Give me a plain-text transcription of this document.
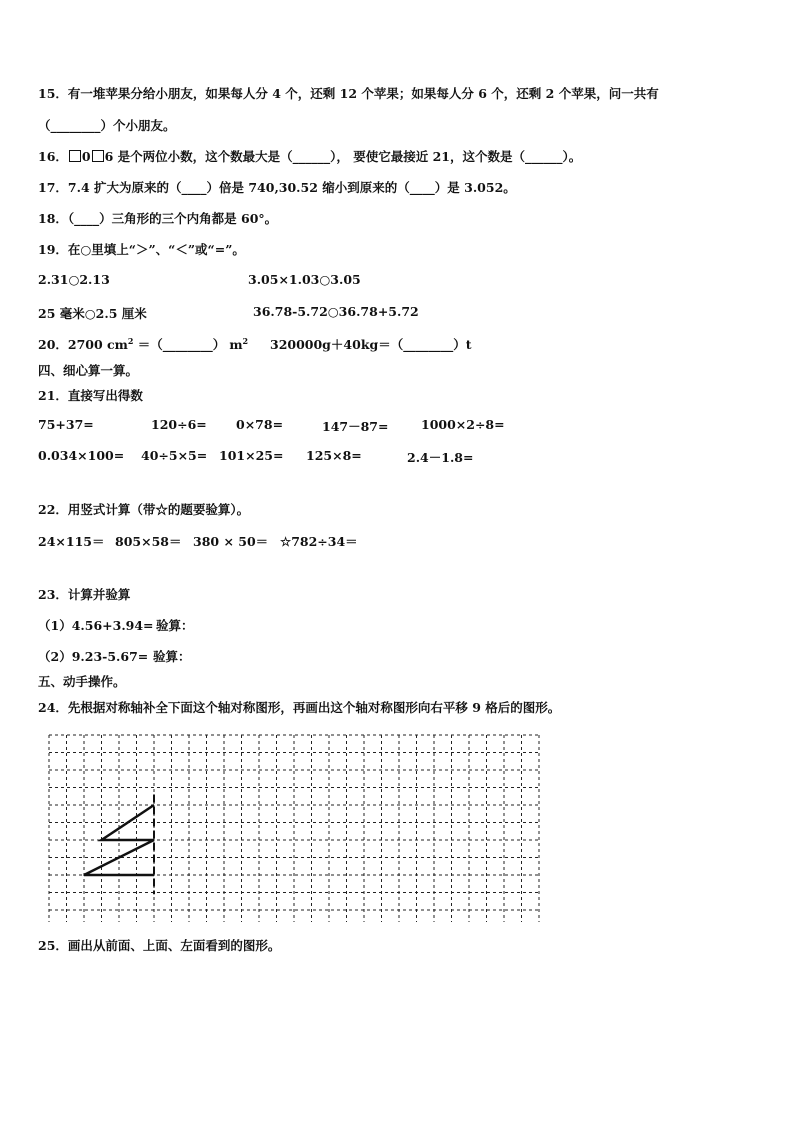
15．有一堆苹果分给小朋友，如果每人分 4 个，还剩 12 个苹果；如果每人分 6 个，还剩 2 个苹果，问一共有
（________）个小朋友。
16． 0 6 是个两位小数，这个数最大是（______）， 要使它最接近 21，这个数是（______）。
17．7.4 扩大为原来的（____）倍是 740,30.52 缩小到原来的（____）是 3.052。
18．（____）三角形的三个内角都是 60°。
19．在○里填上“＞”、“＜”或“=”。
2.31○2.13	3.05×1.03○3.05
25 毫米○2.5 厘米	36.78-5.72○36.78+5.72
20．2700 $cm^2$ ＝（________） $m^2$ 320000g＋40kg＝（________）t
四、细心算一算。
21．直接写出得数
75+37=	120÷6= 0×78=	147－87=	1000×2÷8=
0.034×100= 40÷5×5= 101×25= 125×8=	2.4－1.8=
22．用竖式计算（带☆的题要验算）。
24×115＝ 805×58＝ 380 × 50＝ ☆782÷34＝
23．计算并验算
（1）4.56+3.94= 验算：
（2）9.23-5.67= 验算：
五、动手操作。
24．先根据对称轴补全下面这个轴对称图形，再画出这个轴对称图形向右平移 9 格后的图形。
25．画出从前面、上面、左面看到的图形。
